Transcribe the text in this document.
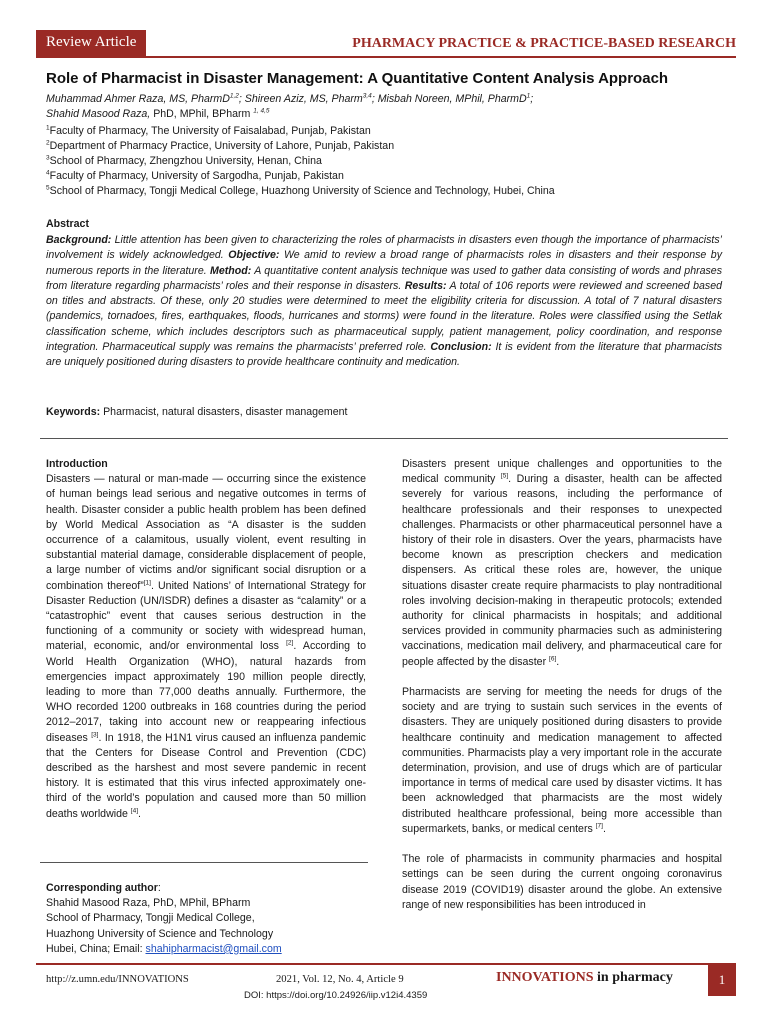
Review Article	PHARMACY PRACTICE & PRACTICE-BASED RESEARCH
Role of Pharmacist in Disaster Management: A Quantitative Content Analysis Approach
Muhammad Ahmer Raza, MS, PharmD$^{1,2}$; Shireen Aziz, MS, Pharm$^{3,4}$; Misbah Noreen, MPhil, PharmD$^1$;
Shahid Masood Raza, PhD, MPhil, BPharm $^{1, 4,5}$
$^1$Faculty of Pharmacy, The University of Faisalabad, Punjab, Pakistan
$^2$Department of Pharmacy Practice, University of Lahore, Punjab, Pakistan
$^3$School of Pharmacy, Zhengzhou University, Henan, China
$^4$Faculty of Pharmacy, University of Sargodha, Punjab, Pakistan
$^5$School of Pharmacy, Tongji Medical College, Huazhong University of Science and Technology, Hubei, China
Abstract
Background: Little attention has been given to characterizing the roles of pharmacists in disasters even though the importance of pharmacists’ involvement is widely acknowledged. Objective: We amid to review a broad range of pharmacists roles in disasters and their response by numerous reports in the literature. Method: A quantitative content analysis technique was used to gather data consisting of words and phrases from literature regarding pharmacists’ roles and their response in disasters. Results: A total of 106 reports were reviewed and screened based on titles and abstracts. Of these, only 20 studies were determined to meet the eligibility criteria for discussion. A total of 7 natural disasters (pandemics, tornadoes, fires, earthquakes, floods, hurricanes and storms) were found in the literature. Roles were classified using the Setlak classification scheme, which includes descriptors such as pharmaceutical supply, patient management, policy coordination, and response integration. Pharmaceutical supply was remains the pharmacists’ preferred role. Conclusion: It is evident from the literature that pharmacists are uniquely positioned during disasters to provide healthcare continuity and medication.
Keywords: Pharmacist, natural disasters, disaster management

Introduction

Disasters — natural or man-made — occurring since the existence of human beings lead serious and negative outcomes in terms of health. Disaster consider a public health problem has been defined by World Medical Association as “A disaster is the sudden occurrence of a calamitous, usually violent, event resulting in substantial material damage, considerable displacement of people, a large number of victims and/or significant social disruption or a combination thereof”[1]. United Nations’ of International Strategy for Disaster Reduction (UN/ISDR) defines a disaster as “calamity” or a “catastrophic” event that causes serious destruction in the functioning of a community or society with widespread human, material, economic, and/or environmental loss [2]. According to World Health Organization (WHO), natural hazards from emergencies impact approximately 190 million people directly, leading to more than 77,000 deaths annually. Furthermore, the WHO recorded 1200 outbreaks in 168 countries during the period 2012–2017, taking into account new or reappearing infectious diseases [3]. In 1918, the H1N1 virus caused an influenza pandemic that the Centers for Disease Control and Prevention (CDC) described as the harshest and most severe pandemic in recent history. It is estimated that this virus infected approximately one-third of the world’s population and caused more than 50 million deaths worldwide [4].

Corresponding author:
Shahid Masood Raza, PhD, MPhil, BPharm
School of Pharmacy, Tongji Medical College,
Huazhong University of Science and Technology
Hubei, China; Email: shahipharmacist@gmail.com

Disasters present unique challenges and opportunities to the medical community [5]. During a disaster, health can be affected severely for various reasons, including the performance of healthcare professionals and their responses to unexpected challenges. Pharmacists or other pharmaceutical personnel have a history of their role in disasters. Over the years, pharmacists have become known as prescription checkers and medication dispensers. As critical these roles are, however, the unique situations disaster create require pharmacists to play nontraditional roles involving decision-making in therapeutic protocols; extended authority for clinical pharmacists in hospitals; and additional services provided in community pharmacies such as administering vaccinations, medication mail delivery, and pharmaceutical care for people affected by the disaster [6].

Pharmacists are serving for meeting the needs for drugs of the society and are trying to sustain such services in the events of disasters. They are uniquely positioned during disasters to provide healthcare continuity and medication management to affected communities. Pharmacists play a very important role in the accurate determination, provision, and use of drugs which are of particular importance in terms of medical care used by disaster victims. It has been acknowledged that pharmacists are the most widely distributed healthcare professional, being more accessible than supermarkets, banks, or medical centers [7].

The role of pharmacists in community pharmacies and hospital settings can be seen during the current ongoing coronavirus disease 2019 (COVID19) disaster around the globe. An extensive range of new responsibilities has been introduced in

1
http://z.umn.edu/INNOVATIONS	2021, Vol. 12, No. 4, Article 9	INNOVATIONS in pharmacy
DOI: https://doi.org/10.24926/iip.v12i4.4359
